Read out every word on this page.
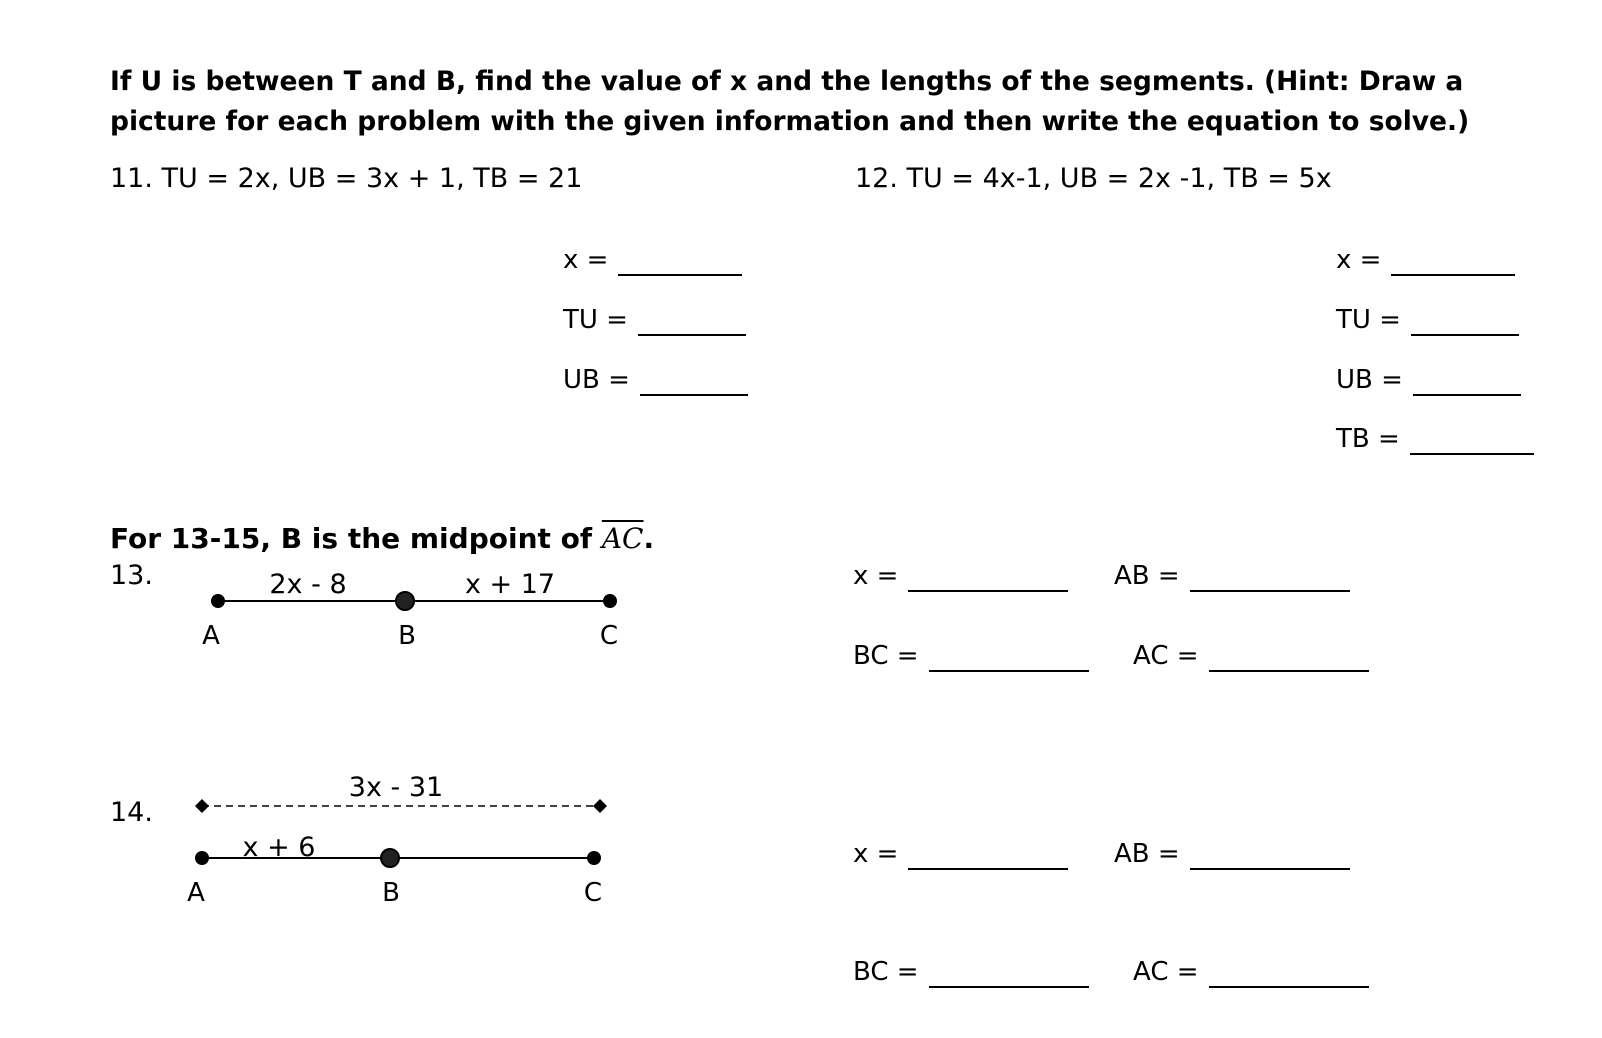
If U is between T and B, find the value of x and the lengths of the segments. (Hint: Draw a picture for each problem with the given information and then write the equation to solve.)
11. TU = 2x, UB = 3x + 1, TB = 21
x =
TU =
UB =
12. TU = 4x-1, UB = 2x -1, TB = 5x
x =
TU =
UB =
TB =
For 13-15, B is the midpoint of $\overline{AC}$.
13.	2x - 8	x + 17
A	B	C
x =	AB =
BC =	AC =
14.
3x - 31
x + 6
A	B	C
x =	AB =
BC =	AC =
